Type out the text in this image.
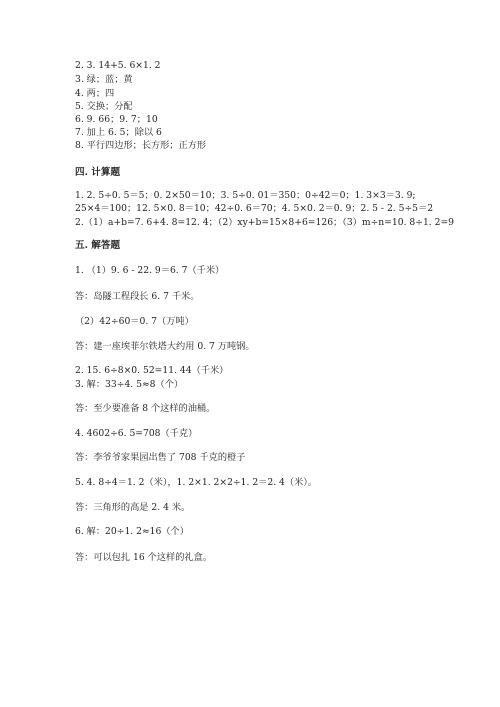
2. 3. 14+5. 6×1. 2

3. 绿；蓝；黄

4. 两；四

5. 交换；分配

6. 9. 66；9. 7；10

7. 加上 6. 5；除以 6

8. 平行四边形；长方形；正方形

四. 计算题

1. 2. 5÷0. 5＝5；0. 2×50＝10；3. 5÷0. 01＝350；0÷42＝0；1. 3×3＝3. 9;

25×4＝100；12. 5×0. 8＝10；42÷0. 6＝70；4. 5×0. 2＝0. 9；2. 5 - 2. 5÷5＝2

2.（1）a+b=7. 6+4. 8=12. 4；（2）xy+b=15×8+6=126；（3）m÷n=10. 8÷1. 2=9

五. 解答题

1. （1）9. 6 - 22. 9＝6. 7（千米）

答：岛隧工程段长 6. 7 千米。

（2）42÷60＝0. 7（万吨）

答：建一座埃菲尔铁塔大约用 0. 7 万吨钢。

2. 15. 6÷8×0. 52=11. 44（千米）

3. 解：33÷4. 5≈8（个）

答：至少要准备 8 个这样的油桶。

4. 4602÷6. 5=708（千克）

答：李爷爷家果园出售了 708 千克的橙子

5. 4. 8÷4＝1. 2（米），1. 2×1. 2×2÷1. 2＝2. 4（米）。

答：三角形的高是 2. 4 米。

6. 解：20÷1. 2≈16（个）

答：可以包扎 16 个这样的礼盒。
